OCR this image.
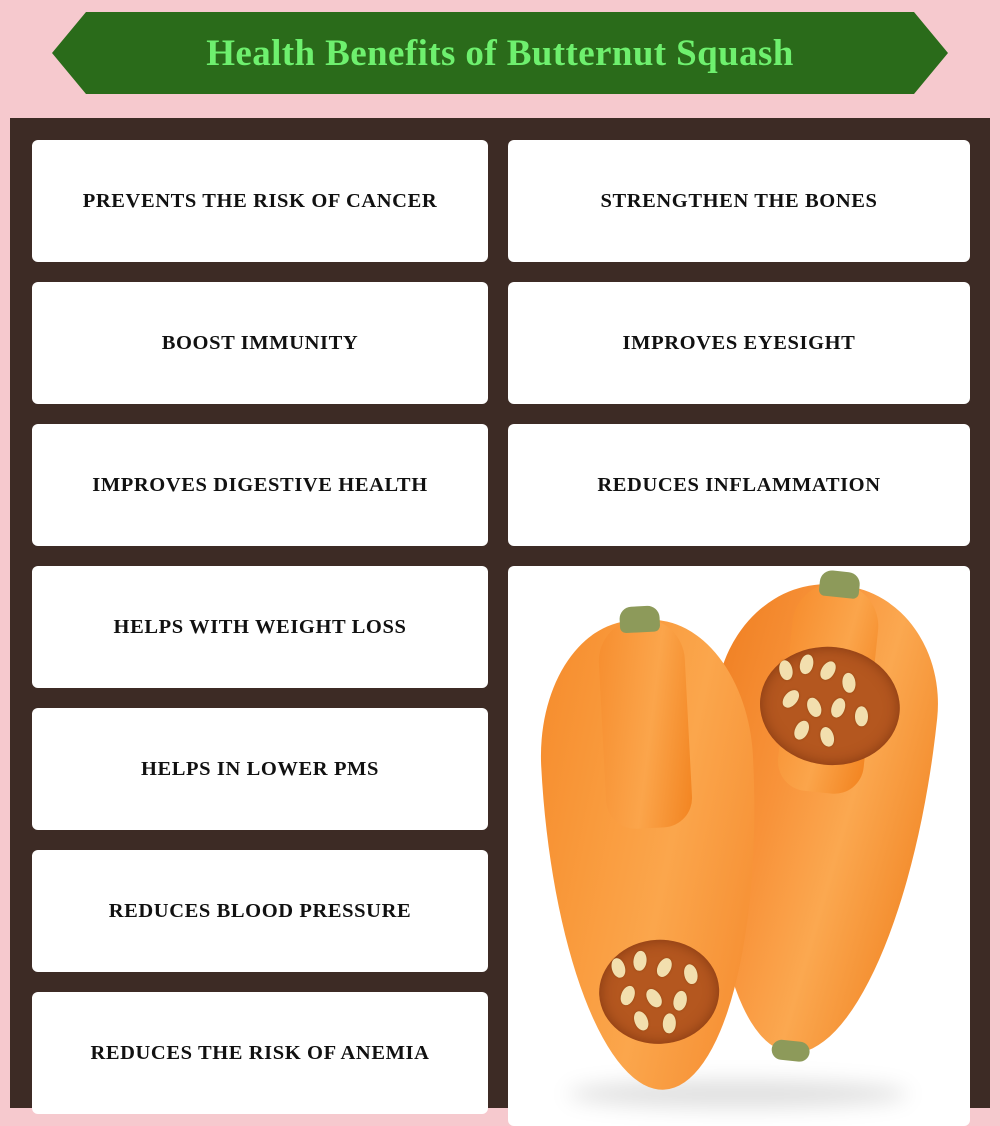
Health Benefits of Butternut Squash
PREVENTS THE RISK OF CANCER
BOOST IMMUNITY
IMPROVES DIGESTIVE HEALTH
HELPS WITH WEIGHT LOSS
HELPS IN LOWER PMS
REDUCES BLOOD PRESSURE
REDUCES THE RISK OF ANEMIA
STRENGTHEN THE BONES
IMPROVES EYESIGHT
REDUCES INFLAMMATION
